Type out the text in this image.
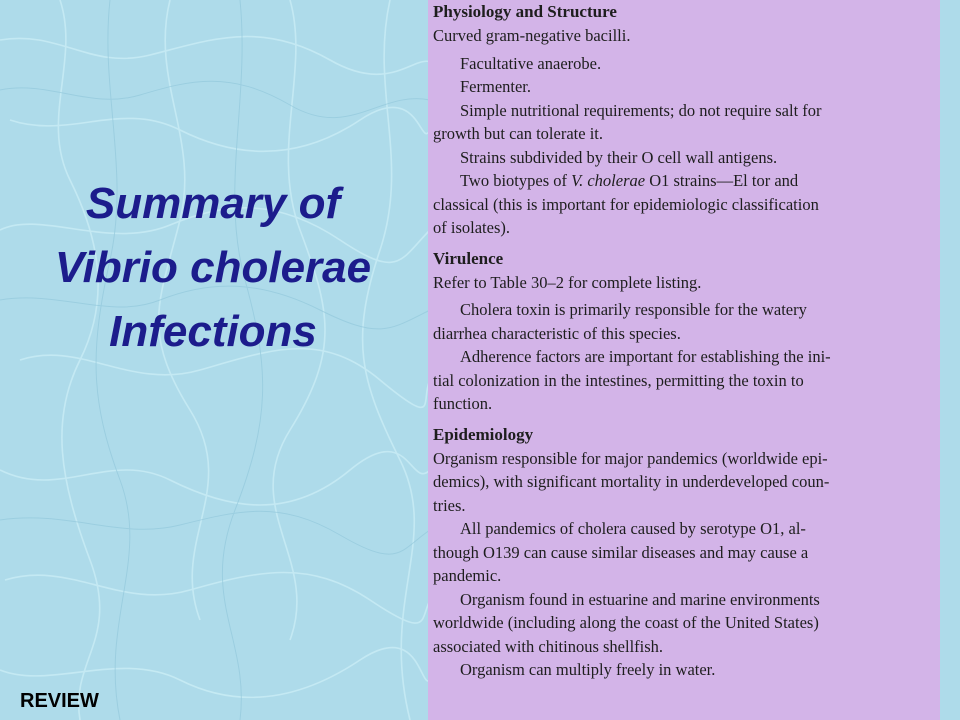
Summary of
Vibrio cholerae
Infections
Physiology and Structure

Curved gram-negative bacilli.

Facultative anaerobe.

Fermenter.

Simple nutritional requirements; do not require salt for

growth but can tolerate it.

Strains subdivided by their O cell wall antigens.

Two biotypes of V. cholerae O1 strains—El tor and

classical (this is important for epidemiologic classification

of isolates).

Virulence

Refer to Table 30–2 for complete listing.

Cholera toxin is primarily responsible for the watery

diarrhea characteristic of this species.

Adherence factors are important for establishing the ini-

tial colonization in the intestines, permitting the toxin to

function.

Epidemiology

Organism responsible for major pandemics (worldwide epi-

demics), with significant mortality in underdeveloped coun-

tries.

All pandemics of cholera caused by serotype O1, al-

though O139 can cause similar diseases and may cause a

pandemic.

Organism found in estuarine and marine environments

worldwide (including along the coast of the United States)

associated with chitinous shellfish.

Organism can multiply freely in water.

REVIEW
